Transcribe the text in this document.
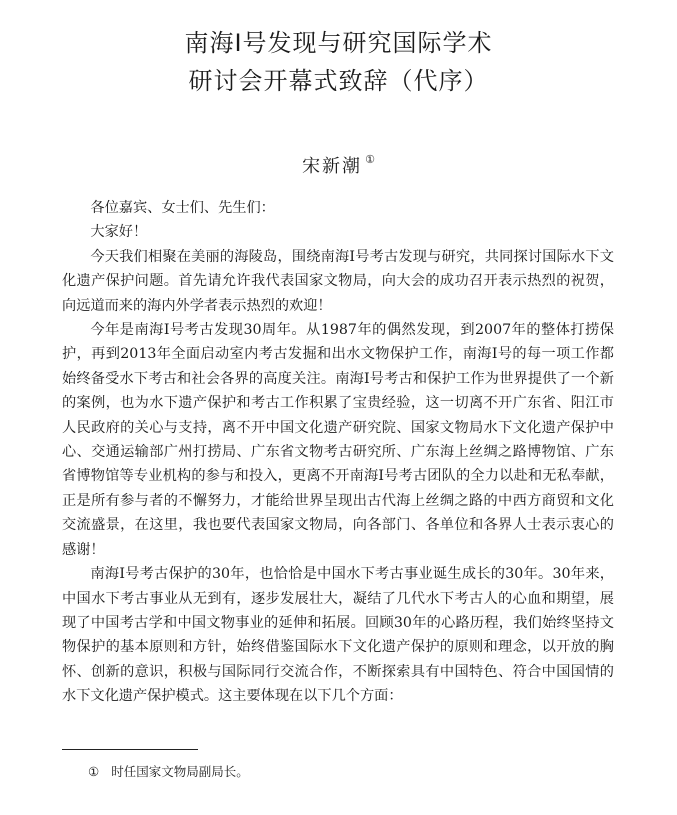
南海Ⅰ号发现与研究国际学术
研讨会开幕式致辞（代序）
宋新潮 ①

各位嘉宾、女士们、先生们：

大家好！

今天我们相聚在美丽的海陵岛，围绕南海Ⅰ号考古发现与研究，共同探讨国际水下文化遗产保护问题。首先请允许我代表国家文物局，向大会的成功召开表示热烈的祝贺，向远道而来的海内外学者表示热烈的欢迎！

今年是南海Ⅰ号考古发现30周年。从1987年的偶然发现，到2007年的整体打捞保护，再到2013年全面启动室内考古发掘和出水文物保护工作，南海Ⅰ号的每一项工作都始终备受水下考古和社会各界的高度关注。南海Ⅰ号考古和保护工作为世界提供了一个新的案例，也为水下遗产保护和考古工作积累了宝贵经验，这一切离不开广东省、阳江市人民政府的关心与支持，离不开中国文化遗产研究院、国家文物局水下文化遗产保护中心、交通运输部广州打捞局、广东省文物考古研究所、广东海上丝绸之路博物馆、广东省博物馆等专业机构的参与和投入，更离不开南海Ⅰ号考古团队的全力以赴和无私奉献，正是所有参与者的不懈努力，才能给世界呈现出古代海上丝绸之路的中西方商贸和文化交流盛景，在这里，我也要代表国家文物局，向各部门、各单位和各界人士表示衷心的感谢！

南海Ⅰ号考古保护的30年，也恰恰是中国水下考古事业诞生成长的30年。30年来，中国水下考古事业从无到有，逐步发展壮大，凝结了几代水下考古人的心血和期望，展现了中国考古学和中国文物事业的延伸和拓展。回顾30年的心路历程，我们始终坚持文物保护的基本原则和方针，始终借鉴国际水下文化遗产保护的原则和理念，以开放的胸怀、创新的意识，积极与国际同行交流合作，不断探索具有中国特色、符合中国国情的水下文化遗产保护模式。这主要体现在以下几个方面：

① 时任国家文物局副局长。
